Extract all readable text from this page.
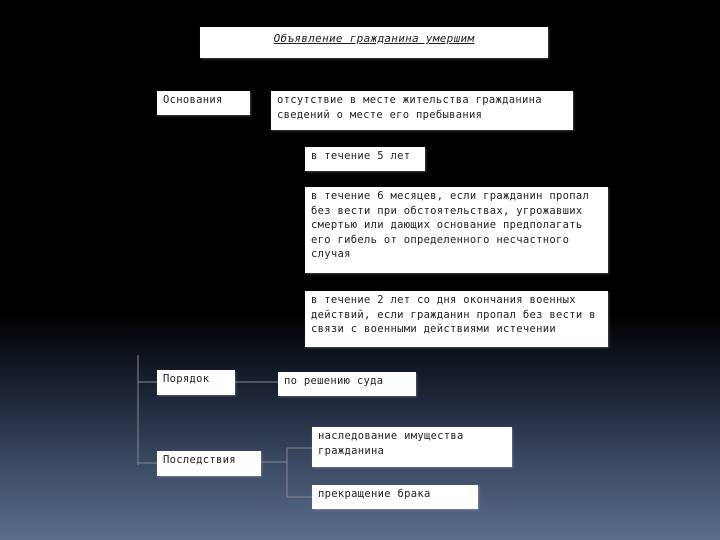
Объявление гражданина умершим
Основания	отсутствие в месте жительства гражданина сведений о месте его пребывания
в течение 5 лет
в течение 6 месяцев, если гражданин пропал без вести при обстоятельствах, угрожавших смертью или дающих основание предполагать его гибель от определенного несчастного случая
в течение 2 лет со дня окончания военных действий, если гражданин пропал без вести в связи с военными действиями истечении
Порядок	по решению суда
Последствия
наследование имущества гражданина
прекращение брака
